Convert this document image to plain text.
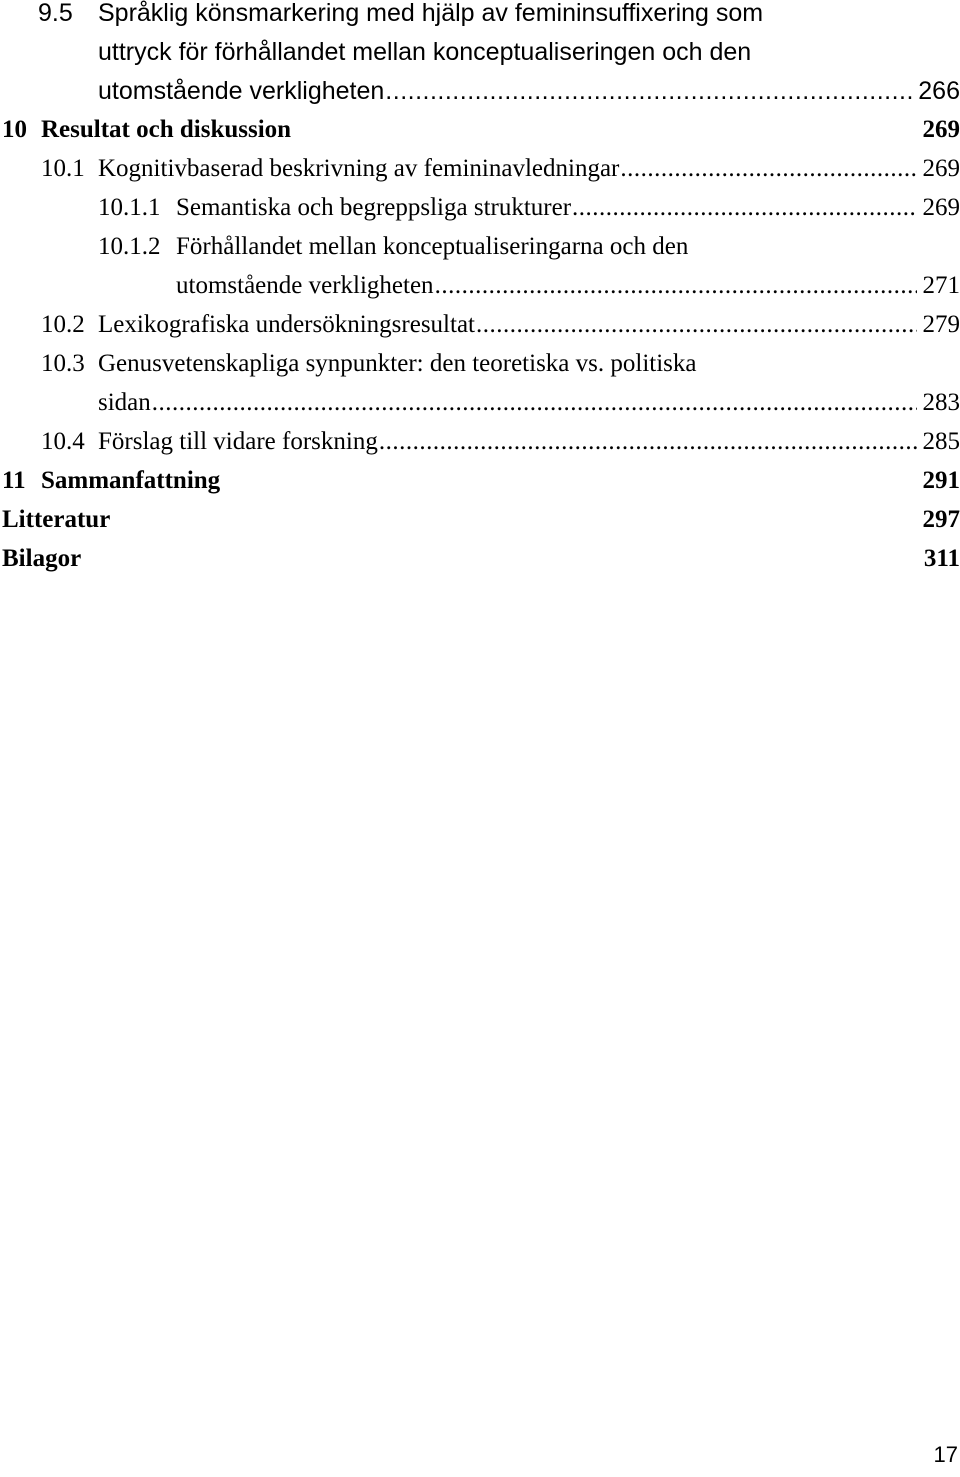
9.5 Språklig könsmarkering med hjälp av femininsuffixering som
uttryck för förhållandet mellan konceptualiseringen och den
utomstående verkligheten .....	266
10 Resultat och diskussion	269
10.1 Kognitivbaserad beskrivning av femininavledningar .....	269
10.1.1 Semantiska och begreppsliga strukturer .....	269
10.1.2 Förhållandet mellan konceptualiseringarna och den
utomstående verkligheten .....	271
10.2 Lexikografiska undersökningsresultat .....	279
10.3 Genusvetenskapliga synpunkter: den teoretiska vs. politiska
sidan .....	283
10.4 Förslag till vidare forskning .....	285
11 Sammanfattning	291
Litteratur	297
Bilagor	311
17
